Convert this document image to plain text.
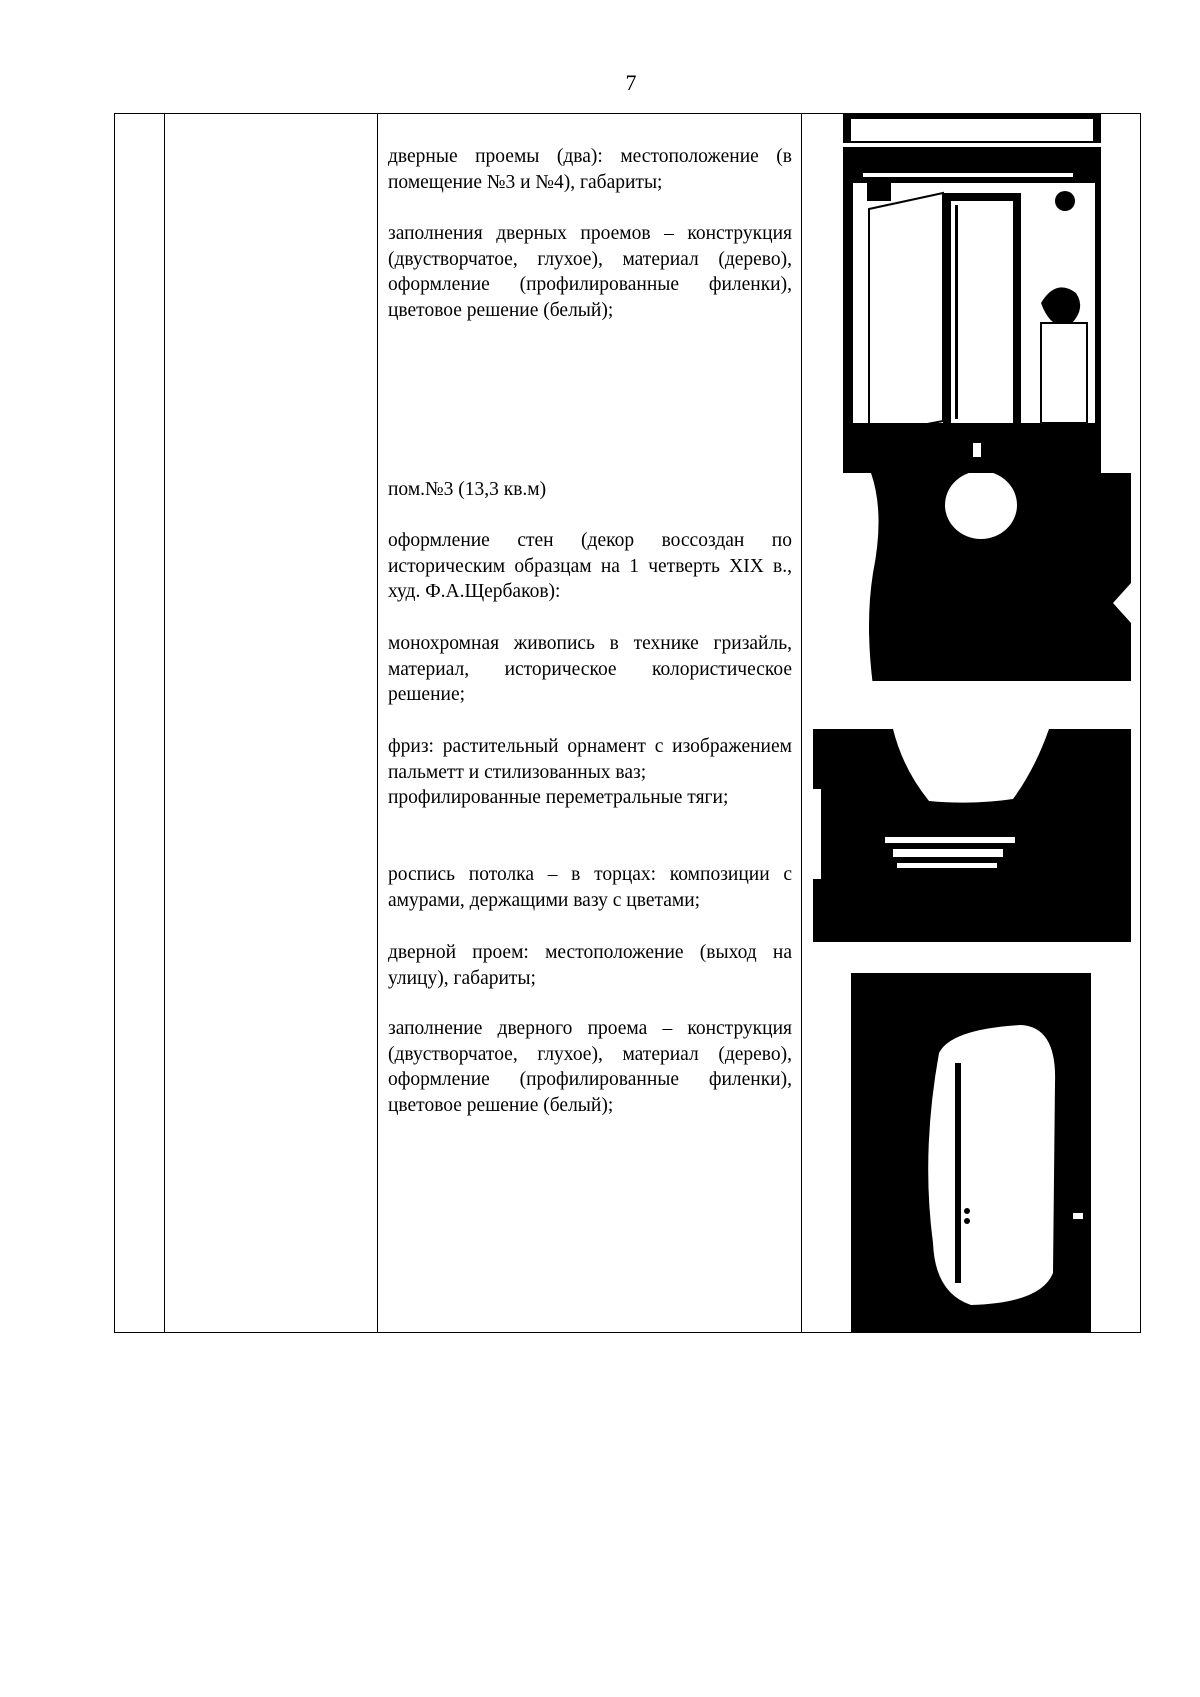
7

дверные проемы (два): местоположение (в помещение №3 и №4), габариты;

заполнения дверных проемов – конструкция (двустворчатое, глухое), материал (дерево), оформление (профилированные филенки), цветовое решение (белый);

пом.№3 (13,3 кв.м)

оформление стен (декор воссоздан по историческим образцам на 1 четверть XIX в., худ. Ф.А.Щербаков):

монохромная живопись в технике гризайль, материал, историческое колористическое решение;

фриз: растительный орнамент с изображением пальметт и стилизованных ваз;

профилированные переметральные тяги;

роспись потолка – в торцах: композиции с амурами, держащими вазу с цветами;

дверной проем: местоположение (выход на улицу), габариты;

заполнение дверного проема – конструкция (двустворчатое, глухое), материал (дерево), оформление (профилированные филенки), цветовое решение (белый);
